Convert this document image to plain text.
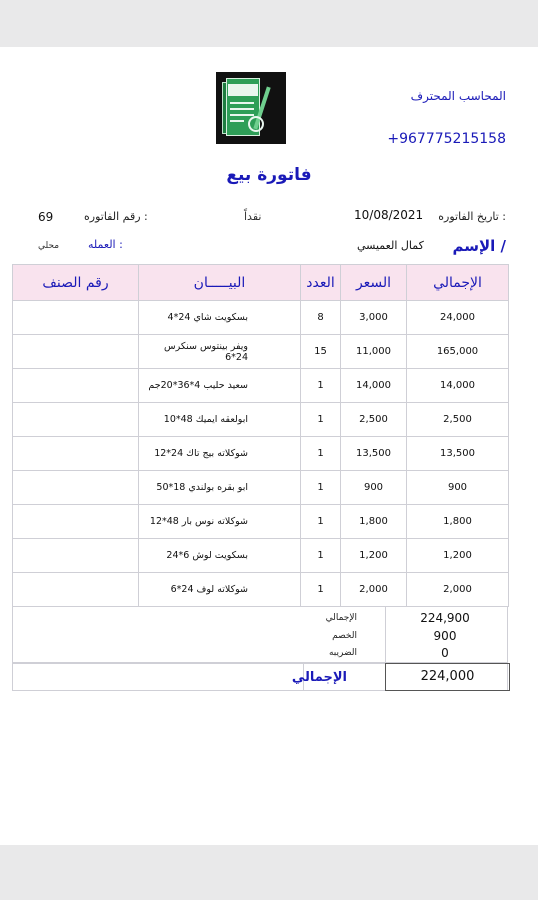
المحاسب المحترف
+967775215158
فاتورة بيع
تاريخ الفاتوره :
10/08/2021
نقداً
رقم الفاتوره :
69
الإسم /
كمال العميسي
العمله :
محلي
رقم الصنف	البيـــــان	العدد	السعر	الإجمالي
	بسكويت شاي 24*4	8	3,000	24,000
	ويفر بينتوس سنكرس 24*6	15	11,000	165,000
	سعيد حليب 4*36*20جم	1	14,000	14,000
	ابولعقه ايميك 48*10	1	2,500	2,500
	شوكلاته بيج تاك 24*12	1	13,500	13,500
	ابو بقره بولندي 18*50	1	900	900
	شوكلاته نوس بار 48*12	1	1,800	1,800
	بسكويت لوش 6*24	1	1,200	1,200
	شوكلاته لوف 24*6	1	2,000	2,000
الإجمالي	224,900
الخصم	900
الضريبه	0
الإجمالي	224,000
